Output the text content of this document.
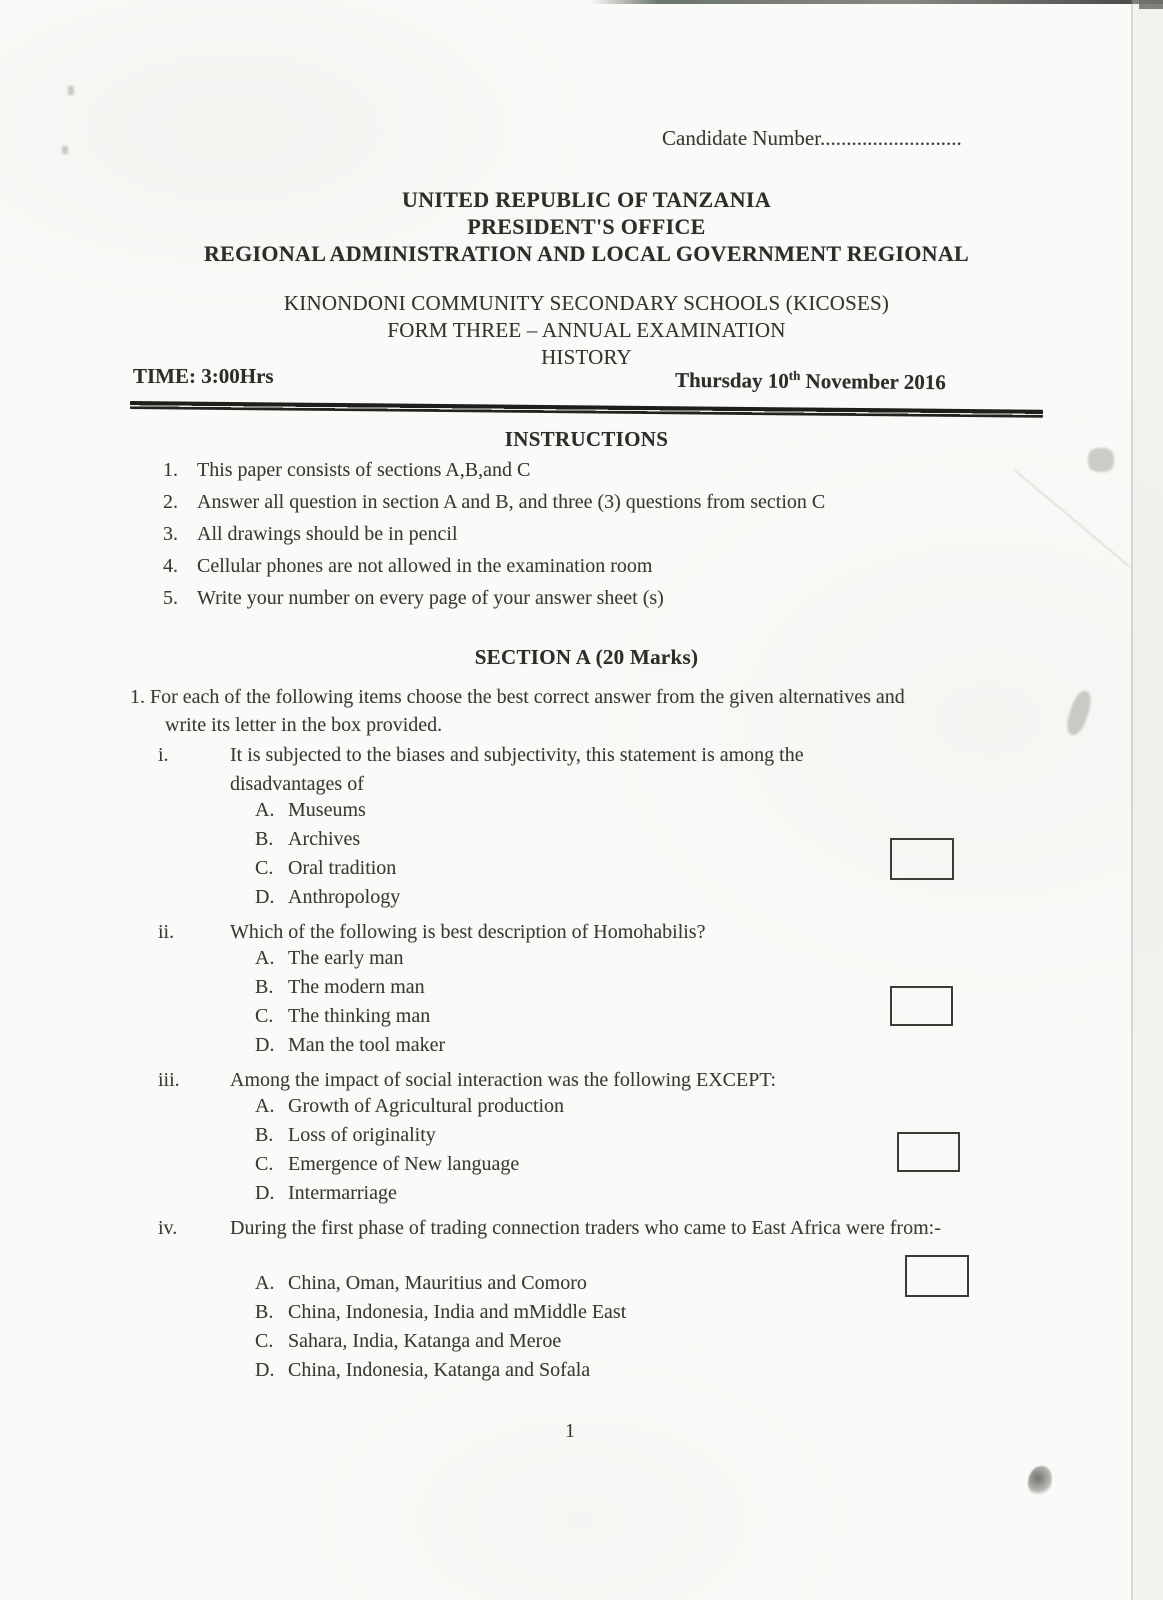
Candidate Number...........................
UNITED REPUBLIC OF TANZANIA
PRESIDENT'S OFFICE
REGIONAL ADMINISTRATION AND LOCAL GOVERNMENT REGIONAL
KINONDONI COMMUNITY SECONDARY SCHOOLS (KICOSES)
FORM THREE – ANNUAL EXAMINATION
HISTORY
TIME: 3:00Hrs	Thursday 10th November 2016
INSTRUCTIONS
1. This paper consists of sections A,B,and C
2. Answer all question in section A and B, and three (3) questions from section C
3. All drawings should be in pencil
4. Cellular phones are not allowed in the examination room
5. Write your number on every page of your answer sheet (s)
SECTION A (20 Marks)
1. For each of the following items choose the best correct answer from the given alternatives and
write its letter in the box provided.
i.	It is subjected to the biases and subjectivity, this statement is among the disadvantages of
A. Museums
B. Archives
C. Oral tradition
D. Anthropology
ii.	Which of the following is best description of Homohabilis?
A. The early man
B. The modern man
C. The thinking man
D. Man the tool maker
iii.	Among the impact of social interaction was the following EXCEPT:
A. Growth of Agricultural production
B. Loss of originality
C. Emergence of New language
D. Intermarriage
iv.	During the first phase of trading connection traders who came to East Africa were from:-
A. China, Oman, Mauritius and Comoro
B. China, Indonesia, India and mMiddle East
C. Sahara, India, Katanga and Meroe
D. China, Indonesia, Katanga and Sofala
1
